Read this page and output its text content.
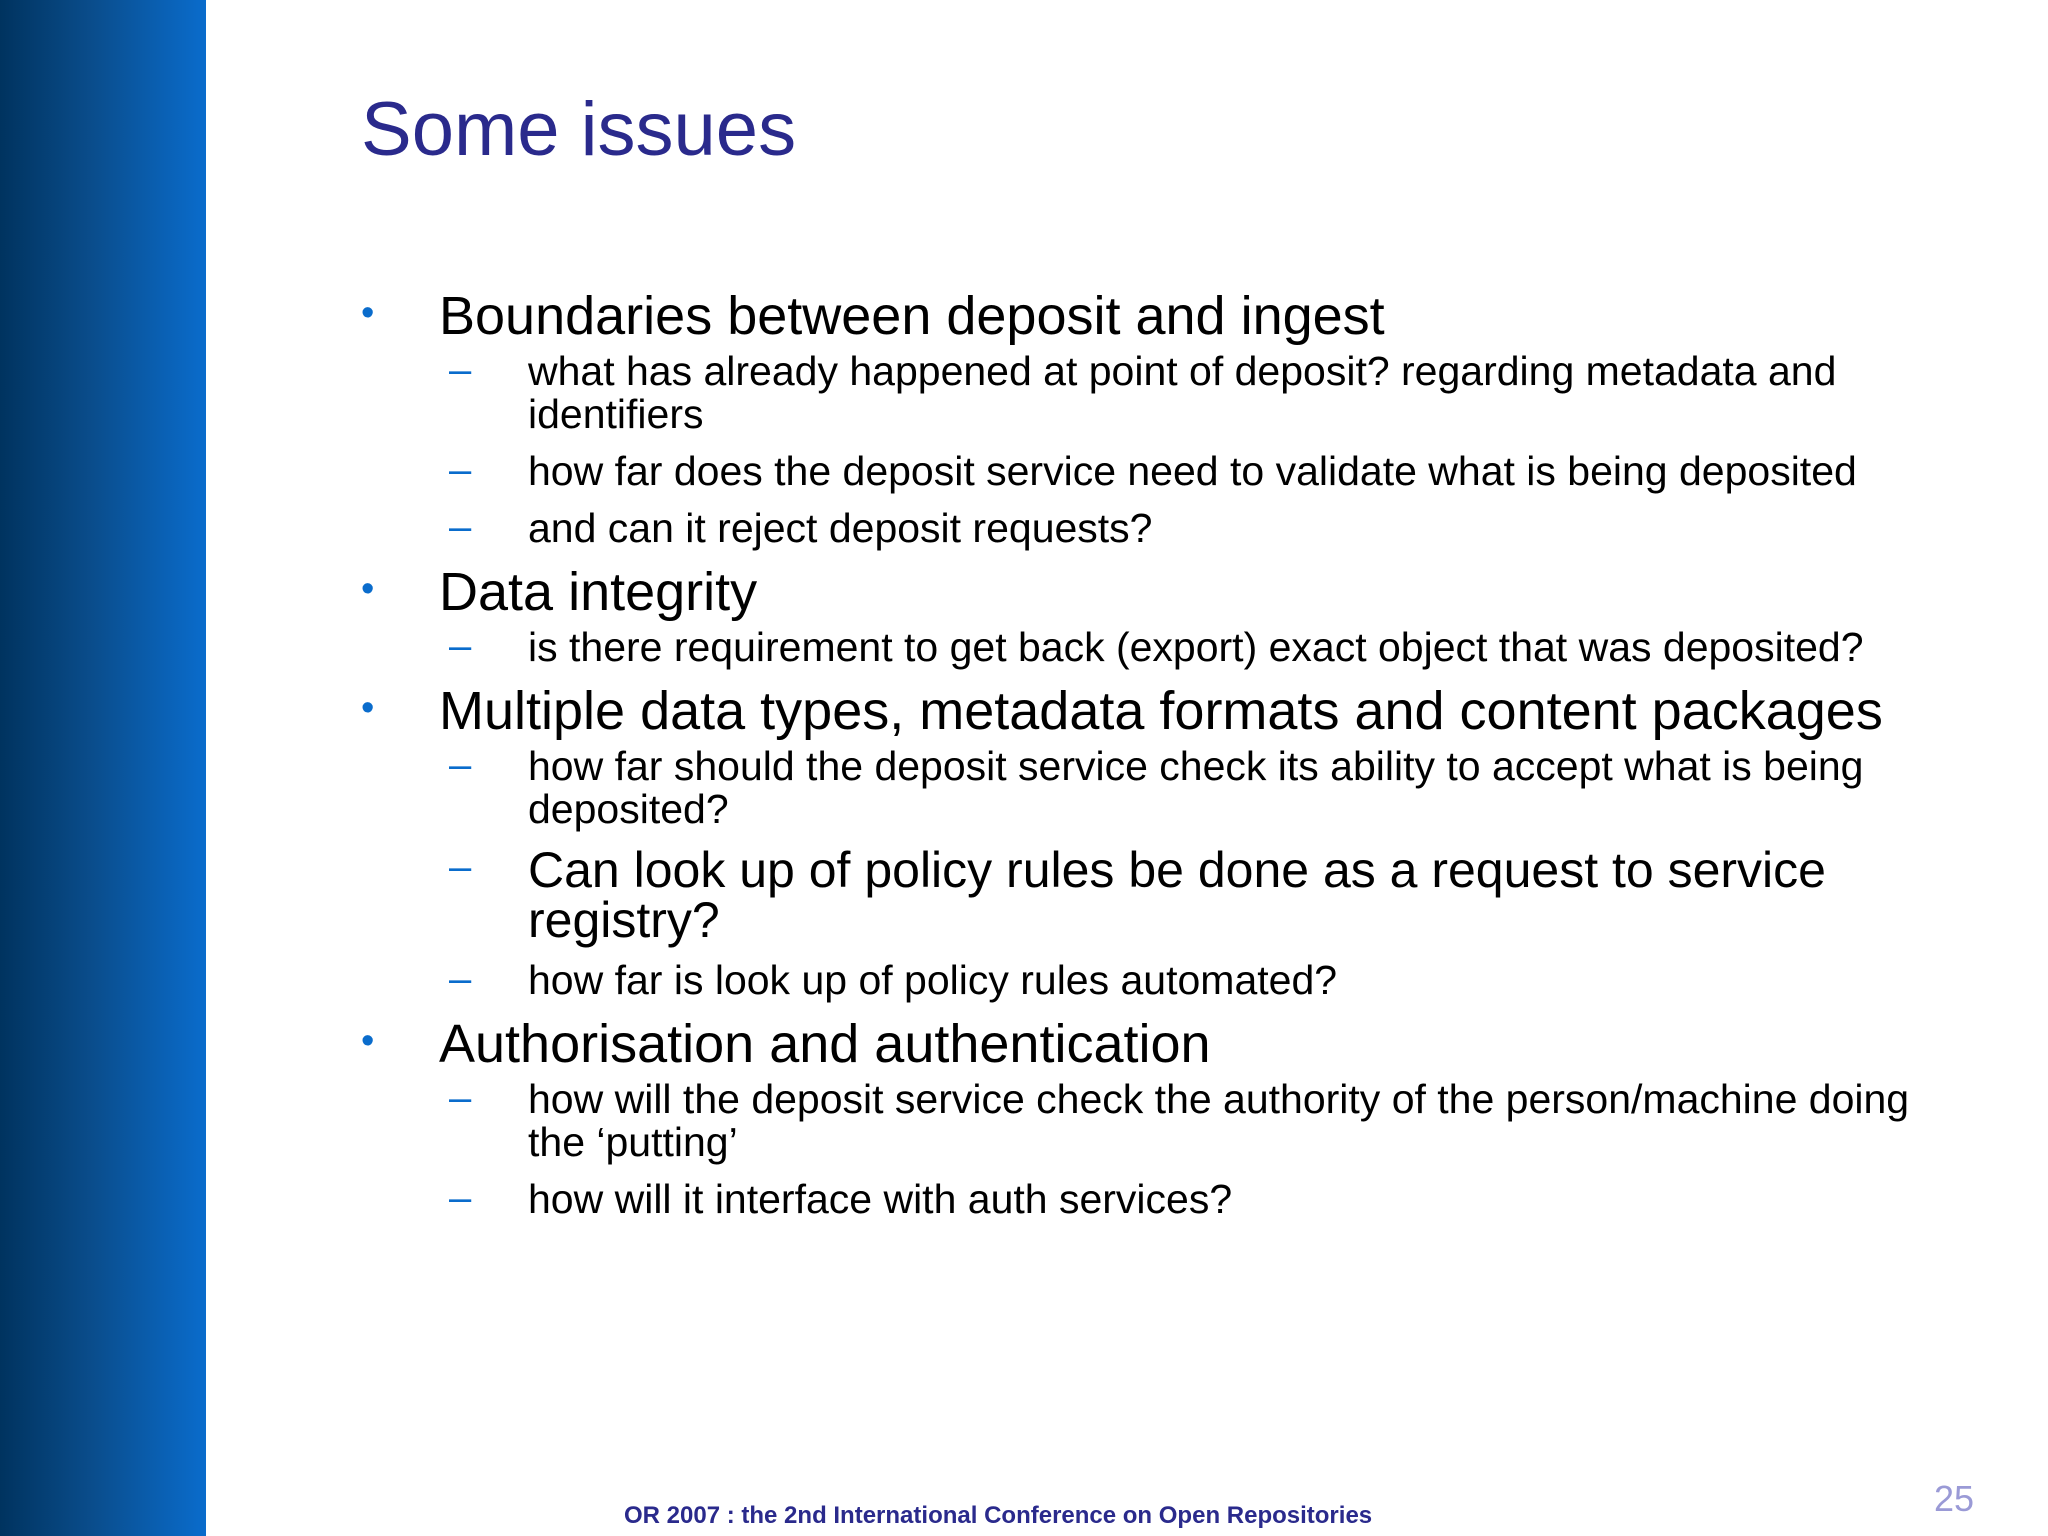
Some issues
• Boundaries between deposit and ingest
– what has already happened at point of deposit? regarding metadata and identifiers
– how far does the deposit service need to validate what is being deposited
– and can it reject deposit requests?
• Data integrity
– is there requirement to get back (export) exact object that was deposited?
• Multiple data types, metadata formats and content packages
– how far should the deposit service check its ability to accept what is being deposited?
– Can look up of policy rules be done as a request to service registry?
– how far is look up of policy rules automated?
• Authorisation and authentication
– how will the deposit service check the authority of the person/machine doing the ‘putting’
– how will it interface with auth services?
OR 2007 : the 2nd International Conference on Open Repositories	25
